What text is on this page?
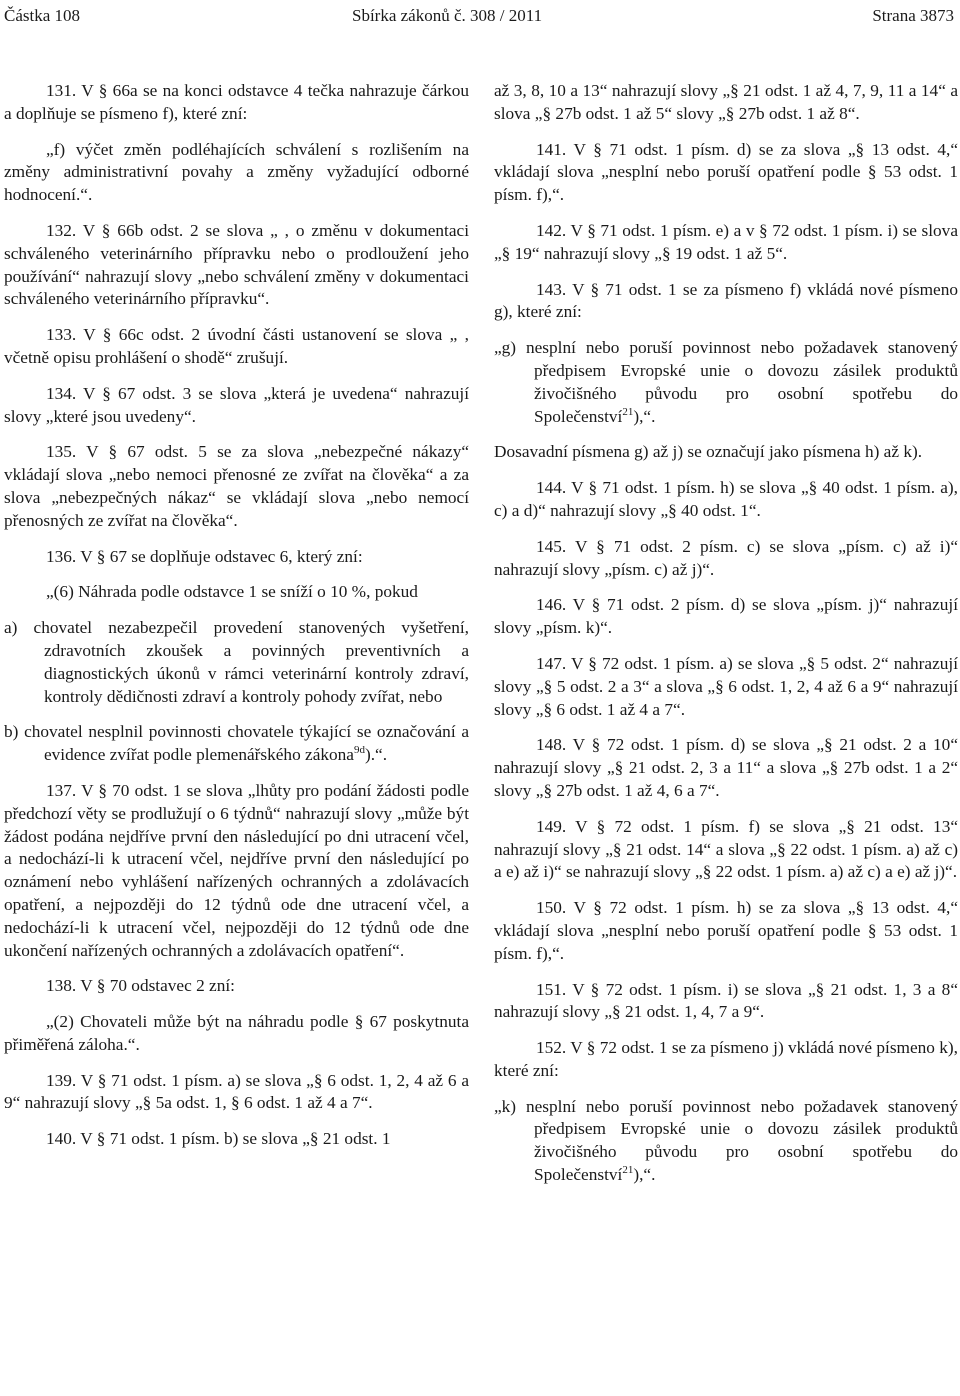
Částka 108	Sbírka zákonů č. 308 / 2011	Strana 3873

131. V § 66a se na konci odstavce 4 tečka nahrazuje čárkou a doplňuje se písmeno f), které zní:

„f) výčet změn podléhajících schválení s rozlišením na změny administrativní povahy a změny vyžadující odborné hodnocení.“.

132. V § 66b odst. 2 se slova „ , o změnu v dokumentaci schváleného veterinárního přípravku nebo o prodloužení jeho používání“ nahrazují slovy „nebo schválení změny v dokumentaci schváleného veterinárního přípravku“.

133. V § 66c odst. 2 úvodní části ustanovení se slova „ , včetně opisu prohlášení o shodě“ zrušují.

134. V § 67 odst. 3 se slova „která je uvedena“ nahrazují slovy „které jsou uvedeny“.

135. V § 67 odst. 5 se za slova „nebezpečné nákazy“ vkládají slova „nebo nemoci přenosné ze zvířat na člověka“ a za slova „nebezpečných nákaz“ se vkládají slova „nebo nemocí přenosných ze zvířat na člověka“.

136. V § 67 se doplňuje odstavec 6, který zní:

„(6) Náhrada podle odstavce 1 se sníží o 10 %, pokud

a) chovatel nezabezpečil provedení stanovených vyšetření, zdravotních zkoušek a povinných preventivních a diagnostických úkonů v rámci veterinární kontroly zdraví, kontroly dědičnosti zdraví a kontroly pohody zvířat, nebo

b) chovatel nesplnil povinnosti chovatele týkající se označování a evidence zvířat podle plemenářského zákona$^{9d}$).“.

137. V § 70 odst. 1 se slova „lhůty pro podání žádosti podle předchozí věty se prodlužují o 6 týdnů“ nahrazují slovy „může být žádost podána nejdříve první den následující po dni utracení včel, a nedochází-li k utracení včel, nejdříve první den následující po oznámení nebo vyhlášení nařízených ochranných a zdolávacích opatření, a nejpozději do 12 týdnů ode dne utracení včel, a nedochází-li k utracení včel, nejpozději do 12 týdnů ode dne ukončení nařízených ochranných a zdolávacích opatření“.

138. V § 70 odstavec 2 zní:

„(2) Chovateli může být na náhradu podle § 67 poskytnuta přiměřená záloha.“.

139. V § 71 odst. 1 písm. a) se slova „§ 6 odst. 1, 2, 4 až 6 a 9“ nahrazují slovy „§ 5a odst. 1, § 6 odst. 1 až 4 a 7“.

140. V § 71 odst. 1 písm. b) se slova „§ 21 odst. 1

až 3, 8, 10 a 13“ nahrazují slovy „§ 21 odst. 1 až 4, 7, 9, 11 a 14“ a slova „§ 27b odst. 1 až 5“ slovy „§ 27b odst. 1 až 8“.

141. V § 71 odst. 1 písm. d) se za slova „§ 13 odst. 4,“ vkládají slova „nesplní nebo poruší opatření podle § 53 odst. 1 písm. f),“.

142. V § 71 odst. 1 písm. e) a v § 72 odst. 1 písm. i) se slova „§ 19“ nahrazují slovy „§ 19 odst. 1 až 5“.

143. V § 71 odst. 1 se za písmeno f) vkládá nové písmeno g), které zní:

„g) nesplní nebo poruší povinnost nebo požadavek stanovený předpisem Evropské unie o dovozu zásilek produktů živočišného původu pro osobní spotřebu do Společenství$^{21}$),“.

Dosavadní písmena g) až j) se označují jako písmena h) až k).

144. V § 71 odst. 1 písm. h) se slova „§ 40 odst. 1 písm. a), c) a d)“ nahrazují slovy „§ 40 odst. 1“.

145. V § 71 odst. 2 písm. c) se slova „písm. c) až i)“ nahrazují slovy „písm. c) až j)“.

146. V § 71 odst. 2 písm. d) se slova „písm. j)“ nahrazují slovy „písm. k)“.

147. V § 72 odst. 1 písm. a) se slova „§ 5 odst. 2“ nahrazují slovy „§ 5 odst. 2 a 3“ a slova „§ 6 odst. 1, 2, 4 až 6 a 9“ nahrazují slovy „§ 6 odst. 1 až 4 a 7“.

148. V § 72 odst. 1 písm. d) se slova „§ 21 odst. 2 a 10“ nahrazují slovy „§ 21 odst. 2, 3 a 11“ a slova „§ 27b odst. 1 a 2“ slovy „§ 27b odst. 1 až 4, 6 a 7“.

149. V § 72 odst. 1 písm. f) se slova „§ 21 odst. 13“ nahrazují slovy „§ 21 odst. 14“ a slova „§ 22 odst. 1 písm. a) až c) a e) až i)“ se nahrazují slovy „§ 22 odst. 1 písm. a) až c) a e) až j)“.

150. V § 72 odst. 1 písm. h) se za slova „§ 13 odst. 4,“ vkládají slova „nesplní nebo poruší opatření podle § 53 odst. 1 písm. f),“.

151. V § 72 odst. 1 písm. i) se slova „§ 21 odst. 1, 3 a 8“ nahrazují slovy „§ 21 odst. 1, 4, 7 a 9“.

152. V § 72 odst. 1 se za písmeno j) vkládá nové písmeno k), které zní:

„k) nesplní nebo poruší povinnost nebo požadavek stanovený předpisem Evropské unie o dovozu zásilek produktů živočišného původu pro osobní spotřebu do Společenství$^{21}$),“.
